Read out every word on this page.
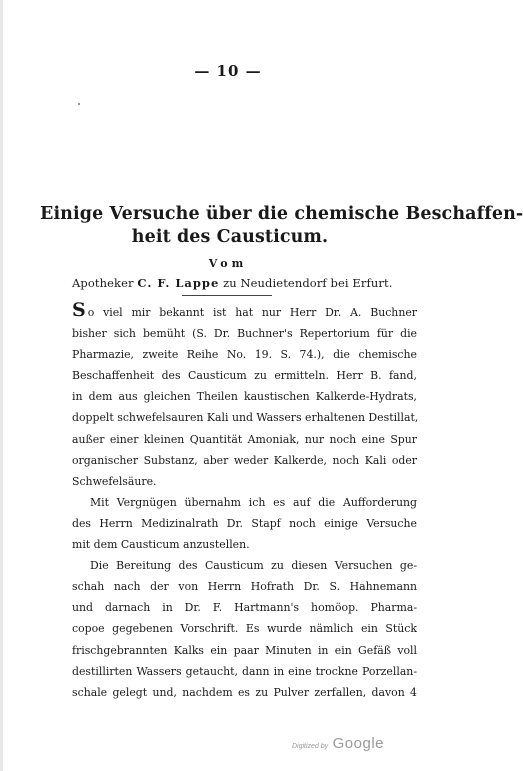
— 10 —
Einige Versuche über die chemische Beschaffen-
heit des Causticum.
Vom
Apotheker C. F. Lappe zu Neudietendorf bei Erfurt.
So viel mir bekannt ist hat nur Herr Dr. A. Buchner
bisher sich bemüht (S. Dr. Buchner's Repertorium für die
Pharmazie, zweite Reihe No. 19. S. 74.), die chemische
Beschaffenheit des Causticum zu ermitteln. Herr B. fand,
in dem aus gleichen Theilen kaustischen Kalkerde-Hydrats,
doppelt schwefelsauren Kali und Wassers erhaltenen Destillat,
außer einer kleinen Quantität Amoniak, nur noch eine Spur
organischer Substanz, aber weder Kalkerde, noch Kali oder
Schwefelsäure.
Mit Vergnügen übernahm ich es auf die Aufforderung
des Herrn Medizinalrath Dr. Stapf noch einige Versuche
mit dem Causticum anzustellen.
Die Bereitung des Causticum zu diesen Versuchen ge-
schah nach der von Herrn Hofrath Dr. S. Hahnemann
und darnach in Dr. F. Hartmann's homöop. Pharma-
copoe gegebenen Vorschrift. Es wurde nämlich ein Stück
frischgebrannten Kalks ein paar Minuten in ein Gefäß voll
destillirten Wassers getaucht, dann in eine trockne Porzellan-
schale gelegt und, nachdem es zu Pulver zerfallen, davon 4
Digitized by Google
